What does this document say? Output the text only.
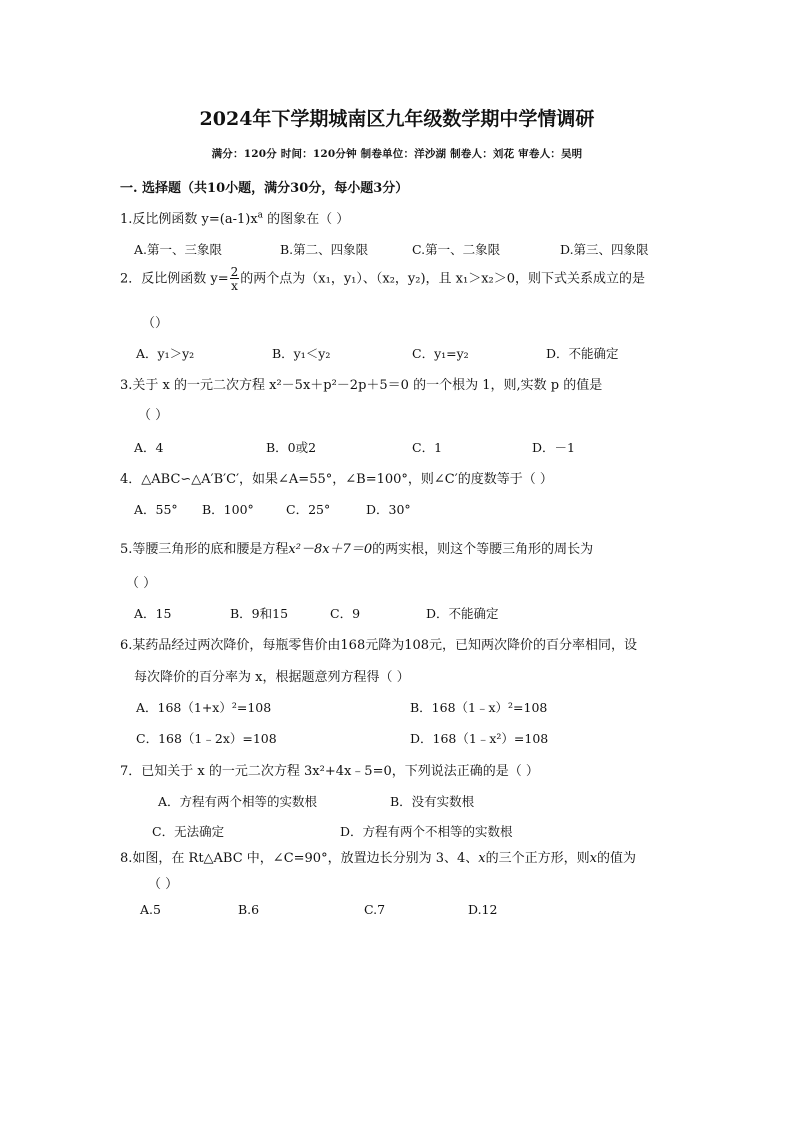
2024年下学期城南区九年级数学期中学情调研
满分：120分 时间：120分钟 制卷单位：洋沙湖 制卷人：刘花 审卷人：吴明
一. 选择题（共10小题，满分30分，每小题3分）
1.反比例函数 $y=(a-1)x^a$ 的图象在（ ）
A.第一、三象限	B.第二、四象限	C.第一、二象限	D.第三、四象限
2．反比例函数 $y= \frac{2}{x}$ 的两个点为（x₁，y₁）、（x₂，y₂)，且 x₁＞x₂＞0，则下式关系成立的是
（）
A．y₁＞y₂	B．y₁＜y₂	C．y₁=y₂	D．不能确定
3.关于 x 的一元二次方程 x²－5x＋p²－2p＋5＝0 的一个根为 1，则,实数 p 的值是
（ ）
A．4	B．0或2	C．1	D．－1
4．△ABC∽△A′B′C′，如果∠A=55°，∠B=100°，则∠C′的度数等于（ ）
A．55° B．100°	C．25°	D．30°
5.等腰三角形的底和腰是方程x²－8x＋7＝0的两实根，则这个等腰三角形的周长为
（ ）
A．15	B．9和15	C．9	D．不能确定
6.某药品经过两次降价，每瓶零售价由168元降为108元，已知两次降价的百分率相同，设
每次降价的百分率为 x，根据题意列方程得（ ）
A．168（1+x）²=108	B．168（1﹣x）²=108
C．168（1﹣2x）=108	D．168（1﹣x²）=108
7．已知关于 x 的一元二次方程 3x²+4x﹣5=0，下列说法正确的是（ ）
A．方程有两个相等的实数根	B．没有实数根
C．无法确定	D．方程有两个不相等的实数根
8.如图，在 Rt△ABC 中，∠C=90°，放置边长分别为 3、4、x的三个正方形，则x的值为
（ ）
A.5	B.6	C.7	D.12
